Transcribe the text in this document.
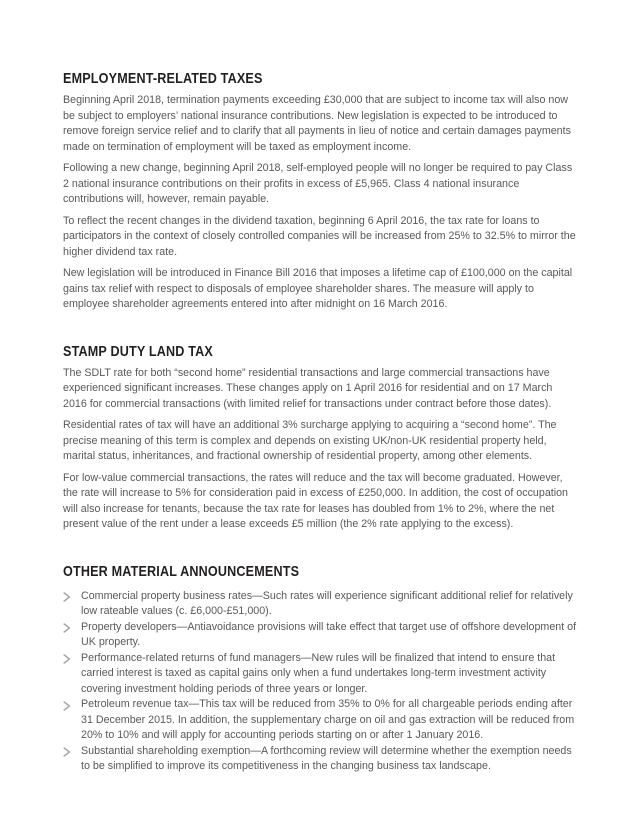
EMPLOYMENT-RELATED TAXES

Beginning April 2018, termination payments exceeding £30,000 that are subject to income tax will also now be subject to employers’ national insurance contributions. New legislation is expected to be introduced to remove foreign service relief and to clarify that all payments in lieu of notice and certain damages payments made on termination of employment will be taxed as employment income.

Following a new change, beginning April 2018, self-employed people will no longer be required to pay Class 2 national insurance contributions on their profits in excess of £5,965. Class 4 national insurance contributions will, however, remain payable.

To reflect the recent changes in the dividend taxation, beginning 6 April 2016, the tax rate for loans to participators in the context of closely controlled companies will be increased from 25% to 32.5% to mirror the higher dividend tax rate.

New legislation will be introduced in Finance Bill 2016 that imposes a lifetime cap of £100,000 on the capital gains tax relief with respect to disposals of employee shareholder shares. The measure will apply to employee shareholder agreements entered into after midnight on 16 March 2016.

STAMP DUTY LAND TAX

The SDLT rate for both “second home” residential transactions and large commercial transactions have experienced significant increases. These changes apply on 1 April 2016 for residential and on 17 March 2016 for commercial transactions (with limited relief for transactions under contract before those dates).

Residential rates of tax will have an additional 3% surcharge applying to acquiring a “second home”. The precise meaning of this term is complex and depends on existing UK/non-UK residential property held, marital status, inheritances, and fractional ownership of residential property, among other elements.

For low-value commercial transactions, the rates will reduce and the tax will become graduated. However, the rate will increase to 5% for consideration paid in excess of £250,000. In addition, the cost of occupation will also increase for tenants, because the tax rate for leases has doubled from 1% to 2%, where the net present value of the rent under a lease exceeds £5 million (the 2% rate applying to the excess).

OTHER MATERIAL ANNOUNCEMENTS
Commercial property business rates—Such rates will experience significant additional relief for relatively low rateable values (c. £6,000-£51,000).
Property developers—Antiavoidance provisions will take effect that target use of offshore development of UK property.
Performance-related returns of fund managers—New rules will be finalized that intend to ensure that carried interest is taxed as capital gains only when a fund undertakes long-term investment activity covering investment holding periods of three years or longer.
Petroleum revenue tax—This tax will be reduced from 35% to 0% for all chargeable periods ending after 31 December 2015. In addition, the supplementary charge on oil and gas extraction will be reduced from 20% to 10% and will apply for accounting periods starting on or after 1 January 2016.
Substantial shareholding exemption—A forthcoming review will determine whether the exemption needs to be simplified to improve its competitiveness in the changing business tax landscape.
